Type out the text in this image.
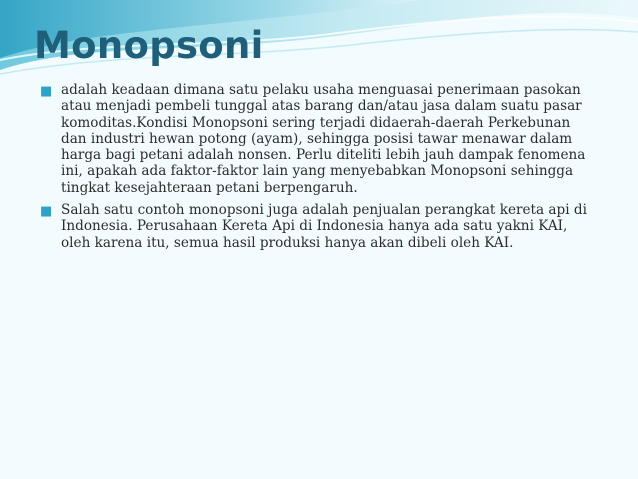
Monopsoni
■ adalah keadaan dimana satu pelaku usaha menguasai penerimaan pasokan atau menjadi pembeli tunggal atas barang dan/atau jasa dalam suatu pasar komoditas.Kondisi Monopsoni sering terjadi didaerah-daerah Perkebunan dan industri hewan potong (ayam), sehingga posisi tawar menawar dalam harga bagi petani adalah nonsen. Perlu diteliti lebih jauh dampak fenomena ini, apakah ada faktor-faktor lain yang menyebabkan Monopsoni sehingga tingkat kesejahteraan petani berpengaruh.
■ Salah satu contoh monopsoni juga adalah penjualan perangkat kereta api di Indonesia. Perusahaan Kereta Api di Indonesia hanya ada satu yakni KAI, oleh karena itu, semua hasil produksi hanya akan dibeli oleh KAI.
